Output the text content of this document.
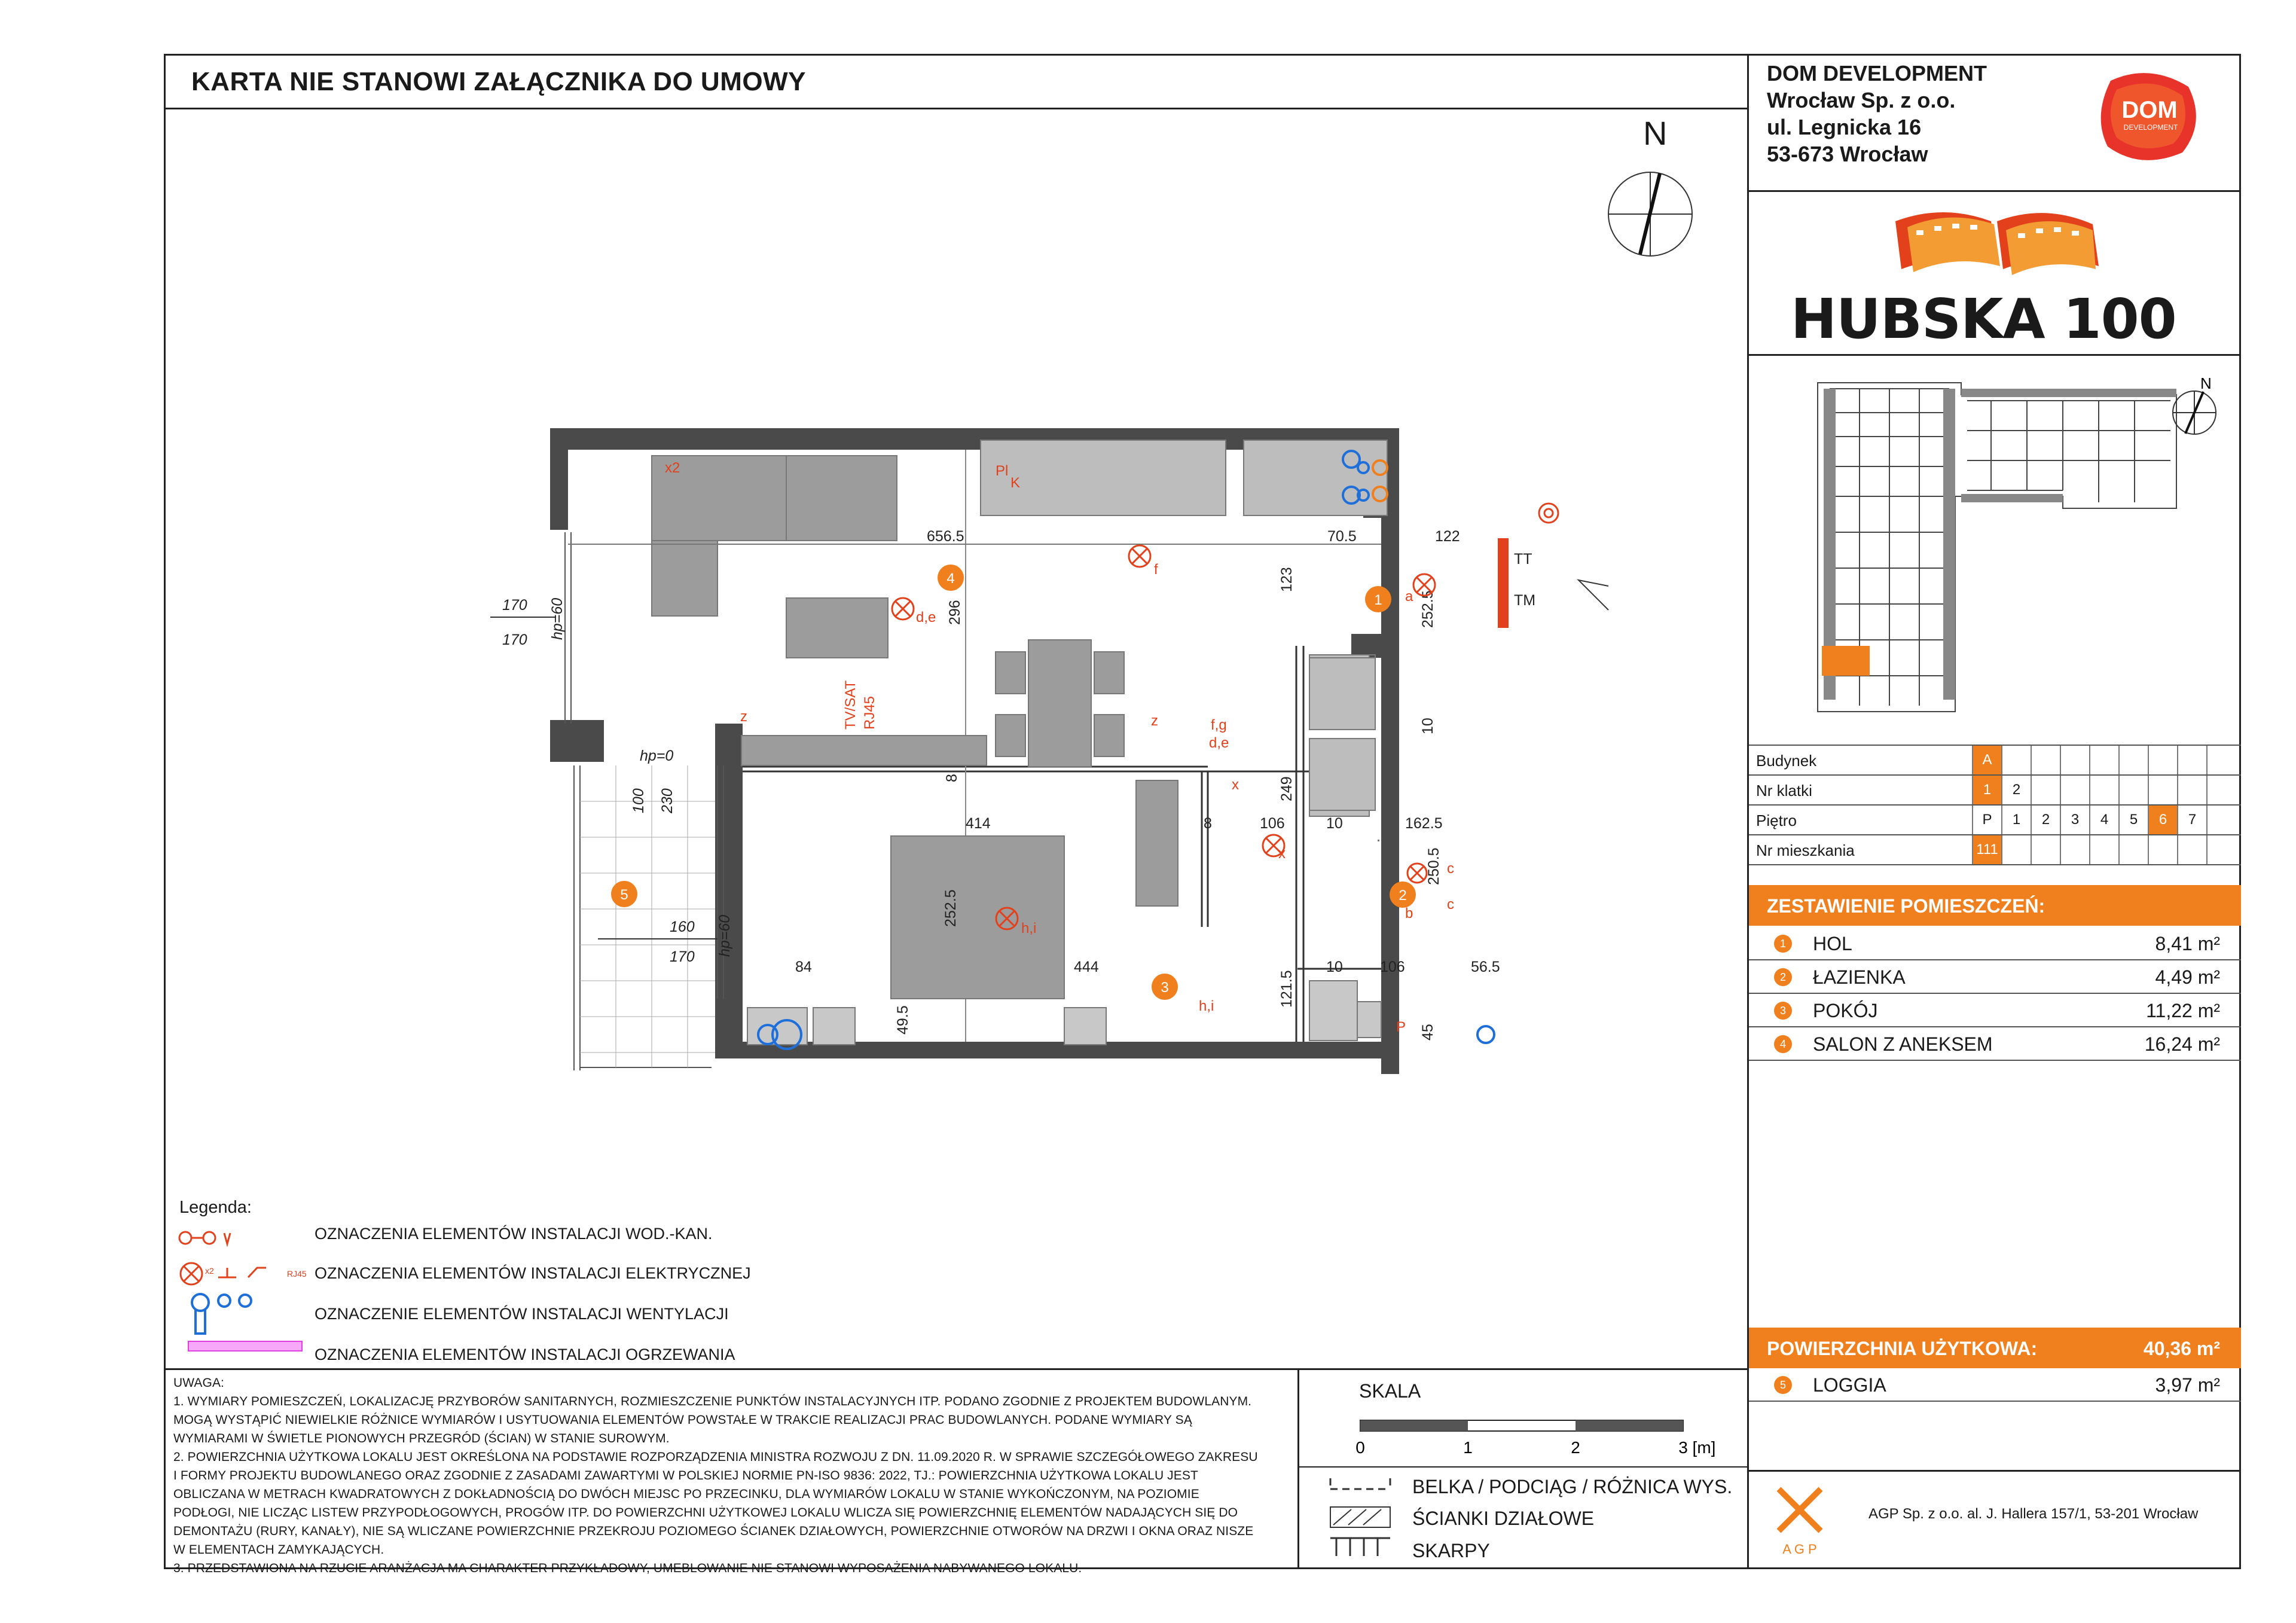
KARTA NIE STANOWI ZAŁĄCZNIKA DO UMOWY	DOM DEVELOPMENT
Wrocław Sp. z o.o.
ul. Legnicka 16
53-673 Wrocław
DOM
DEVELOPMENT
HUBSKA 100
N
Budynek	A
Nr klatki	1	2
Piętro	P	1	2	3	4	5	6	7
Nr mieszkania	111
ZESTAWIENIE POMIESZCZEŃ:
1	HOL	8,41 m²
2	ŁAZIENKA	4,49 m²
3	POKÓJ	11,22 m²
4	SALON Z ANEKSEM	16,24 m²
POWIERZCHNIA UŻYTKOWA:	40,36 m²
5	LOGGIA	3,97 m²
N
4
1
2
3
5
656.5
296
70.5	122
123
252.5
10
414
8
8
249
106	10	162.5
250.5
252.5
84	444
121.5
10 106	56.5
49.5	45
170
170
160
170
100 230
hp=60
hp=0
hp=60
TT
TM
f
d,e
a
b
c
c
f,g
d,e
h,i
h,i
x
x
z	z
K
Pl
P
RJ45
TV/SAT
x2
Legenda:
x2	RJ45
OZNACZENIA ELEMENTÓW INSTALACJI WOD.-KAN.
OZNACZENIA ELEMENTÓW INSTALACJI ELEKTRYCZNEJ
OZNACZENIE ELEMENTÓW INSTALACJI WENTYLACJI
OZNACZENIA ELEMENTÓW INSTALACJI OGRZEWANIA
UWAGA:
1. WYMIARY POMIESZCZEŃ, LOKALIZACJĘ PRZYBORÓW SANITARNYCH, ROZMIESZCZENIE PUNKTÓW INSTALACYJNYCH ITP. PODANO ZGODNIE Z PROJEKTEM BUDOWLANYM.
MOGĄ WYSTĄPIĆ NIEWIELKIE RÓŻNICE WYMIARÓW I USYTUOWANIA ELEMENTÓW POWSTAŁE W TRAKCIE REALIZACJI PRAC BUDOWLANYCH. PODANE WYMIARY SĄ
WYMIARAMI W ŚWIETLE PIONOWYCH PRZEGRÓD (ŚCIAN) W STANIE SUROWYM.
2. POWIERZCHNIA UŻYTKOWA LOKALU JEST OKREŚLONA NA PODSTAWIE ROZPORZĄDZENIA MINISTRA ROZWOJU Z DN. 11.09.2020 R. W SPRAWIE SZCZEGÓŁOWEGO ZAKRESU
I FORMY PROJEKTU BUDOWLANEGO ORAZ ZGODNIE Z ZASADAMI ZAWARTYMI W POLSKIEJ NORMIE PN-ISO 9836: 2022, TJ.: POWIERZCHNIA UŻYTKOWA LOKALU JEST
OBLICZANA W METRACH KWADRATOWYCH Z DOKŁADNOŚCIĄ DO DWÓCH MIEJSC PO PRZECINKU, DLA WYMIARÓW LOKALU W STANIE WYKOŃCZONYM, NA POZIOMIE
PODŁOGI, NIE LICZĄC LISTEW PRZYPODŁOGOWYCH, PROGÓW ITP. DO POWIERZCHNI UŻYTKOWEJ LOKALU WLICZA SIĘ POWIERZCHNIĘ ELEMENTÓW NADAJĄCYCH SIĘ DO
DEMONTAŻU (RURY, KANAŁY), NIE SĄ WLICZANE POWIERZCHNIE PRZEKROJU POZIOMEGO ŚCIANEK DZIAŁOWYCH, POWIERZCHNIE OTWORÓW NA DRZWI I OKNA ORAZ NISZE
W ELEMENTACH ZAMYKAJĄCYCH.
3. PRZEDSTAWIONA NA RZUCIE ARANŻACJA MA CHARAKTER PRZYKŁADOWY, UMEBLOWANIE NIE STANOWI WYPOSAŻENIA NABYWANEGO LOKALU.
SKALA
0	1	2	3 [m]
BELKA / PODCIĄG / RÓŻNICA WYS.
ŚCIANKI DZIAŁOWE
SKARPY	A G P
AGP Sp. z o.o. al. J. Hallera 157/1, 53-201 Wrocław
